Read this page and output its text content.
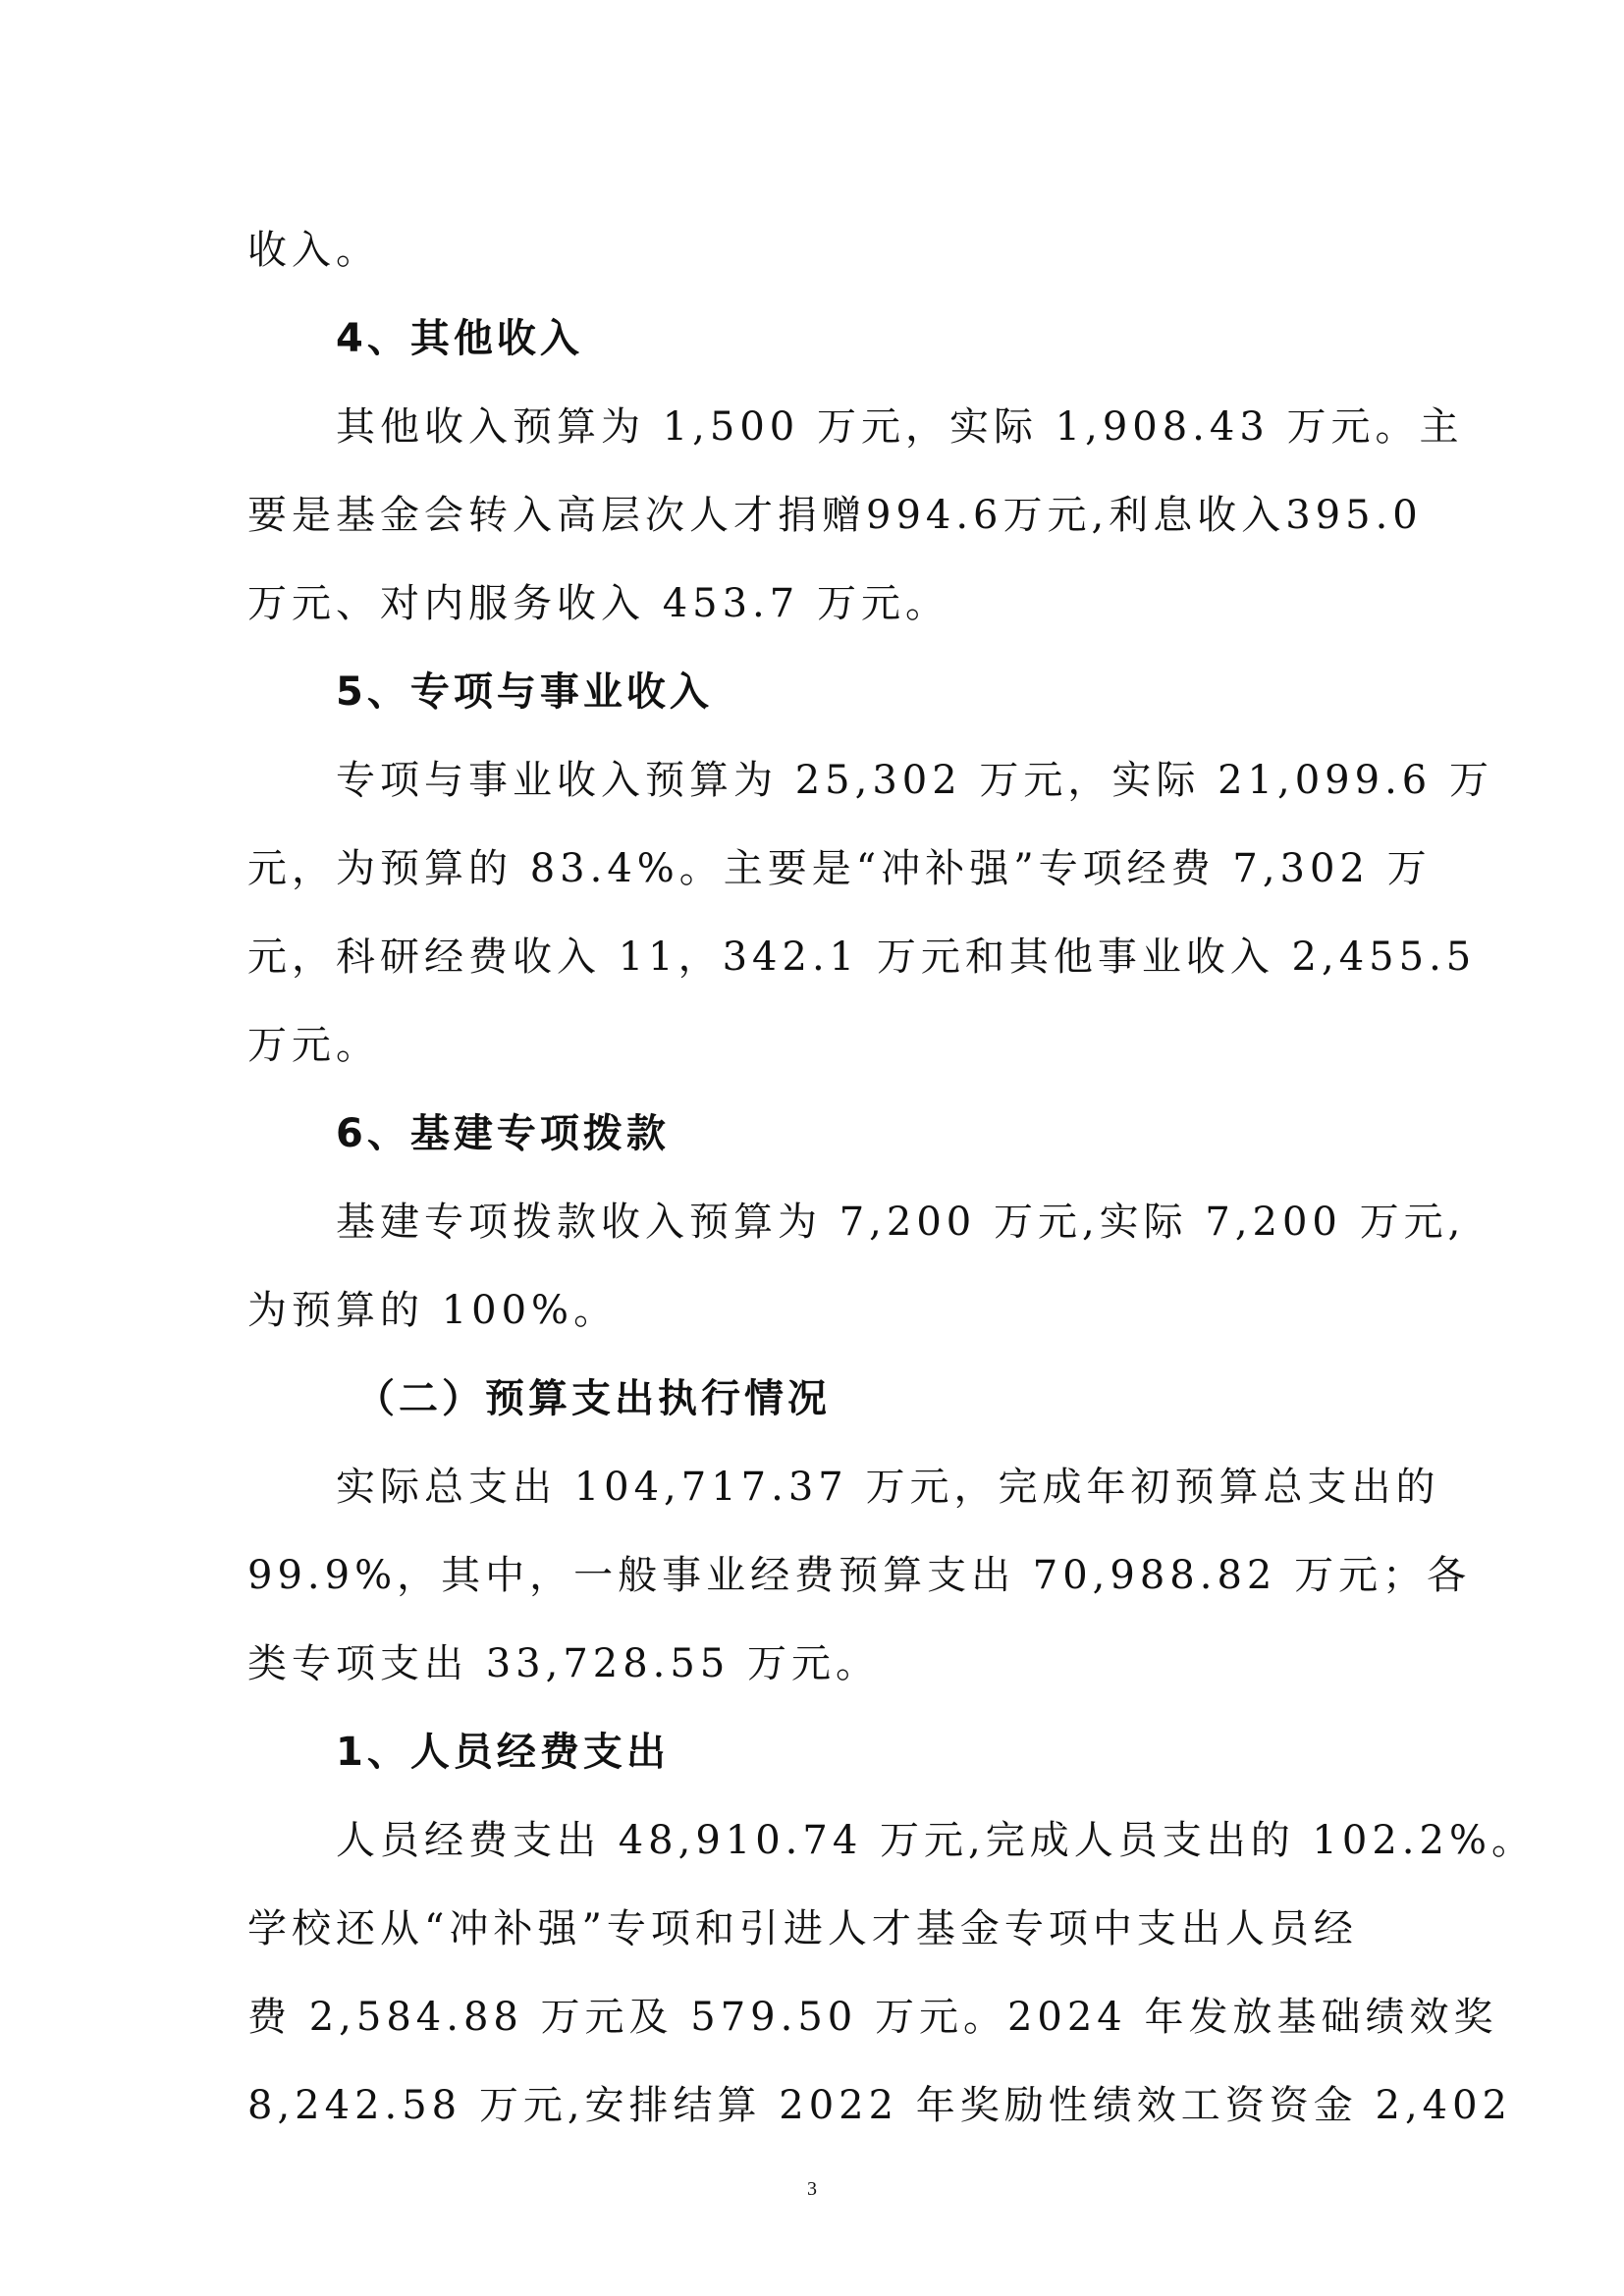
收入。
4、其他收入
其他收入预算为 1,500 万元，实际 1,908.43 万元。主
要是基金会转入高层次人才捐赠994.6万元,利息收入395.0
万元、对内服务收入 453.7 万元。
5、专项与事业收入
专项与事业收入预算为 25,302 万元，实际 21,099.6 万
元，为预算的 83.4%。主要是“冲补强”专项经费 7,302 万
元，科研经费收入 11，342.1 万元和其他事业收入 2,455.5
万元。
6、基建专项拨款
基建专项拨款收入预算为 7,200 万元,实际 7,200 万元,
为预算的 100%。
（二）预算支出执行情况
实际总支出 104,717.37 万元，完成年初预算总支出的
99.9%，其中，一般事业经费预算支出 70,988.82 万元；各
类专项支出 33,728.55 万元。
1、人员经费支出
人员经费支出 48,910.74 万元,完成人员支出的 102.2%。
学校还从“冲补强”专项和引进人才基金专项中支出人员经
费 2,584.88 万元及 579.50 万元。2024 年发放基础绩效奖
8,242.58 万元,安排结算 2022 年奖励性绩效工资资金 2,402
3
